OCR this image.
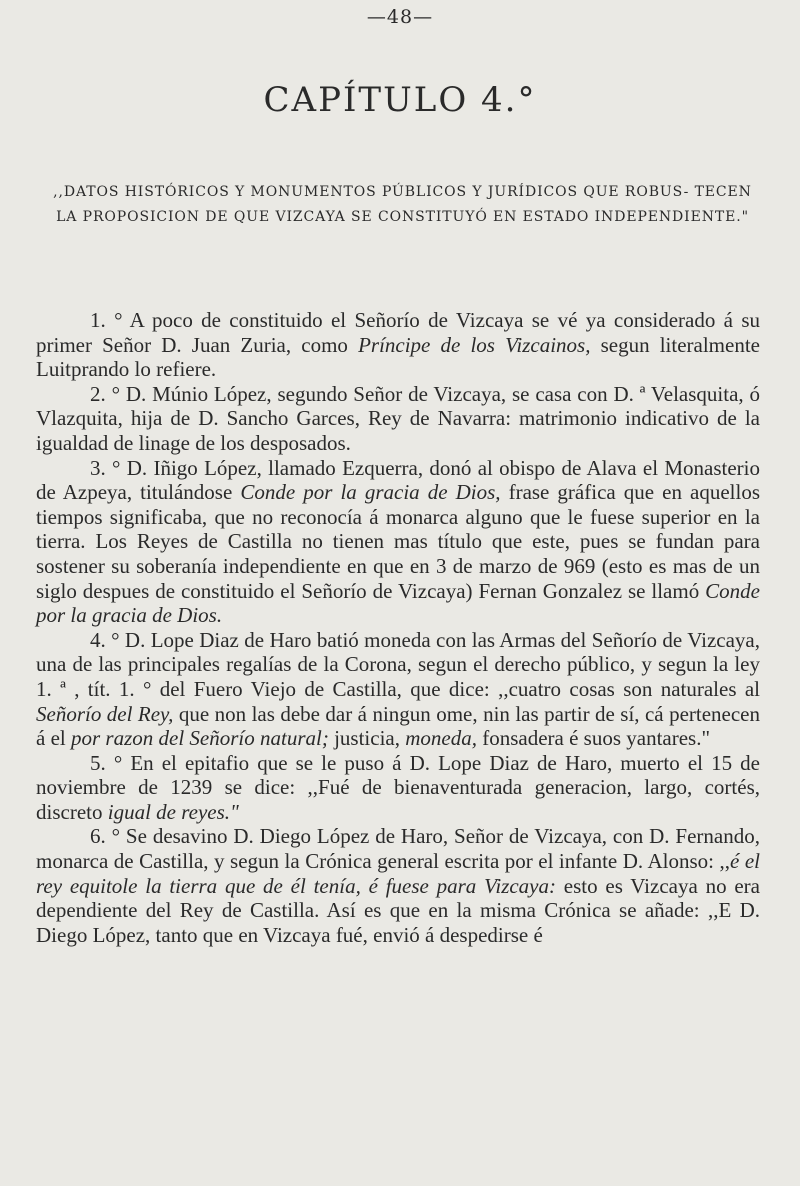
—48—
CAPÍTULO 4.°
,,DATOS HISTÓRICOS Y MONUMENTOS PÚBLICOS Y JURÍDICOS QUE ROBUS- TECEN LA PROPOSICION DE QUE VIZCAYA SE CONSTITUYÓ EN ESTADO INDEPENDIENTE."

1. ° A poco de constituido el Señorío de Vizcaya se vé ya considerado á su primer Señor D. Juan Zuria, como Príncipe de los Vizcainos, segun literalmente Luitprando lo refiere.

2. ° D. Múnio López, segundo Señor de Vizcaya, se casa con D. ª Velasquita, ó Vlazquita, hija de D. Sancho Garces, Rey de Navarra: matrimonio indicativo de la igualdad de linage de los desposados.

3. ° D. Iñigo López, llamado Ezquerra, donó al obispo de Alava el Monasterio de Azpeya, titulándose Conde por la gracia de Dios, frase gráfica que en aquellos tiempos significaba, que no reconocía á monarca alguno que le fuese superior en la tierra. Los Reyes de Castilla no tienen mas título que este, pues se fundan para sostener su soberanía independiente en que en 3 de marzo de 969 (esto es mas de un siglo despues de constituido el Señorío de Vizcaya) Fernan Gonzalez se llamó Conde por la gracia de Dios.

4. ° D. Lope Diaz de Haro batió moneda con las Armas del Señorío de Vizcaya, una de las principales regalías de la Corona, segun el derecho público, y segun la ley 1. ª , tít. 1. ° del Fuero Viejo de Castilla, que dice: ,,cuatro cosas son naturales al Señorío del Rey, que non las debe dar á ningun ome, nin las partir de sí, cá pertenecen á el por razon del Señorío natural; justicia, moneda, fonsadera é suos yantares."

5. ° En el epitafio que se le puso á D. Lope Diaz de Haro, muerto el 15 de noviembre de 1239 se dice: ,,Fué de bienaventurada generacion, largo, cortés, discreto igual de reyes."

6. ° Se desavino D. Diego López de Haro, Señor de Vizcaya, con D. Fernando, monarca de Castilla, y segun la Crónica general escrita por el infante D. Alonso: ,,é el rey equitole la tierra que de él tenía, é fuese para Vizcaya: esto es Vizcaya no era dependiente del Rey de Castilla. Así es que en la misma Crónica se añade: ,,E D. Diego López, tanto que en Vizcaya fué, envió á despedirse é
